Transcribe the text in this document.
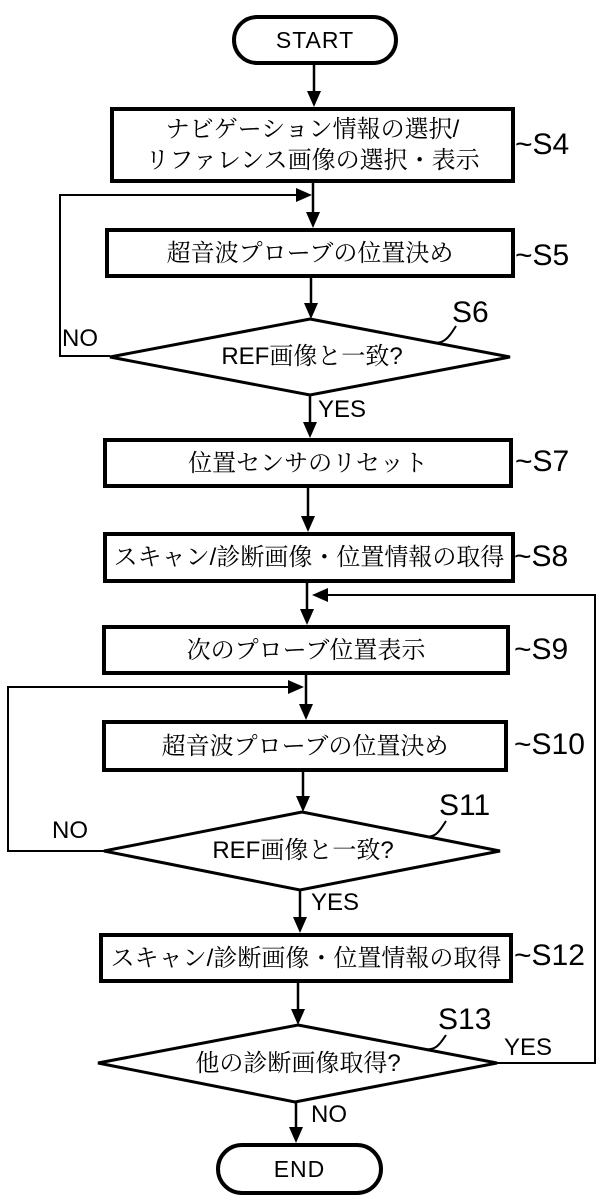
START
END
ナビゲーション情報の選択/
リファレンス画像の選択・表示
超音波プローブの位置決め
位置センサのリセット
スキャン/診断画像・位置情報の取得
次のプローブ位置表示
超音波プローブの位置決め
スキャン/診断画像・位置情報の取得
REF画像と一致?
REF画像と一致?
他の診断画像取得?
~S4
~S5
S6
~S7
~S8
~S9
~S10
S11
~S12
S13
NO
YES
NO
YES
YES
NO
